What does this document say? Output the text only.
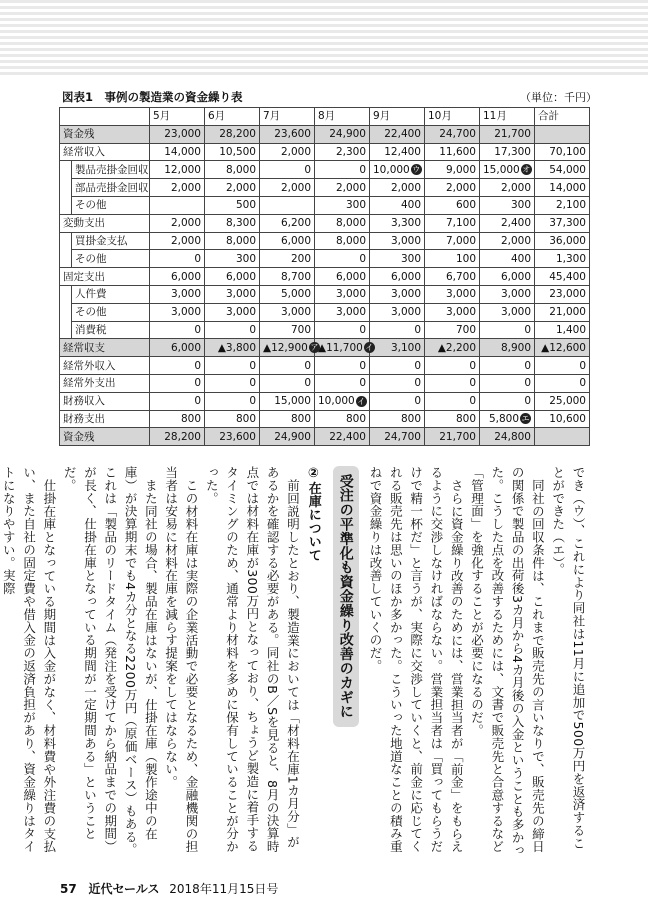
図表1　事例の製造業の資金繰り表	（単位：千円）
		5月	6月	7月	8月	9月	10月	11月	合計
資金残		23,000	28,200	23,600	24,900	22,400	24,700	21,700	
経常収入		14,000	10,500	2,000	2,300	12,400	11,600	17,300	70,100
	製品売掛金回収	12,000	8,000	0	0	10,000 ウ	9,000	15,000 オ	54,000
	部品売掛金回収	2,000	2,000	2,000	2,000	2,000	2,000	2,000	14,000
	その他		500		300	400	600	300	2,100
変動支出		2,000	8,300	6,200	8,000	3,300	7,100	2,400	37,300
	買掛金支払	2,000	8,000	6,000	8,000	3,000	7,000	2,000	36,000
	その他	0	300	200	0	300	100	400	1,300
固定支出		6,000	6,000	8,700	6,000	6,000	6,700	6,000	45,400
	人件費	3,000	3,000	5,000	3,000	3,000	3,000	3,000	23,000
	その他	3,000	3,000	3,000	3,000	3,000	3,000	3,000	21,000
	消費税	0	0	700	0	0	700	0	1,400
経常収支		6,000	▲3,800	▲12,900 ア	▲11,700 イ	3,100	▲2,200	8,900	▲12,600
経常外収入		0	0	0	0	0	0	0	0
経常外支出		0	0	0	0	0	0	0	0
財務収入		0	0	15,000	10,000 イ	0	0	0	25,000
財務支出		800	800	800	800	800	800	5,800 エ	10,600
資金残		28,200	23,600	24,900	22,400	24,700	21,700	24,800	

でき（ウ）、これにより同社は11月に追加で500万円を返済することができた（エ）。

同社の回収条件は、これまで販売先の言いなりで、販売先の締日の関係で製品の出荷後3カ月から4カ月後の入金ということも多かった。こうした点を改善するためには、文書で販売先と合意するなど「管理面」を強化することが必要になるのだ。

さらに資金繰り改善のためには、営業担当者が「前金」をもらえるように交渉しなければならない。営業担当者は「買ってもらうだけで精一杯だ」と言うが、実際に交渉していくと、前金に応じてくれる販売先は思いのほか多かった。こういった地道なことの積み重ねで資金繰りは改善していくのだ。

受注の平準化も資金繰り改善のカギに

②在庫について

前回説明したとおり、製造業においては「材料在庫1カ月分」があるかを確認する必要がある。同社のB／Sを見ると、8月の決算時点では材料在庫が300万円となっており、ちょうど製造に着手するタイミングのため、通常より材料を多めに保有していることが分かった。

この材料在庫は実際の企業活動で必要となるため、金融機関の担当者は安易に材料在庫を減らす提案をしてはならない。

また同社の場合、製品在庫はないが、仕掛在庫（製作途中の在庫）が決算期末でも4カ分となる2200万円（原価ベース）もある。これは「製品のリードタイム（発注を受けてから納品までの期間）が長く、仕掛在庫となっている期間が一定期間ある」ということだ。

仕掛在庫となっている期間は入金がなく、材料費や外注費の支払い、また自社の固定費や借入金の返済負担があり、資金繰りはタイトになりやすい。実際

57 近代セールス 2018年11月15日号
